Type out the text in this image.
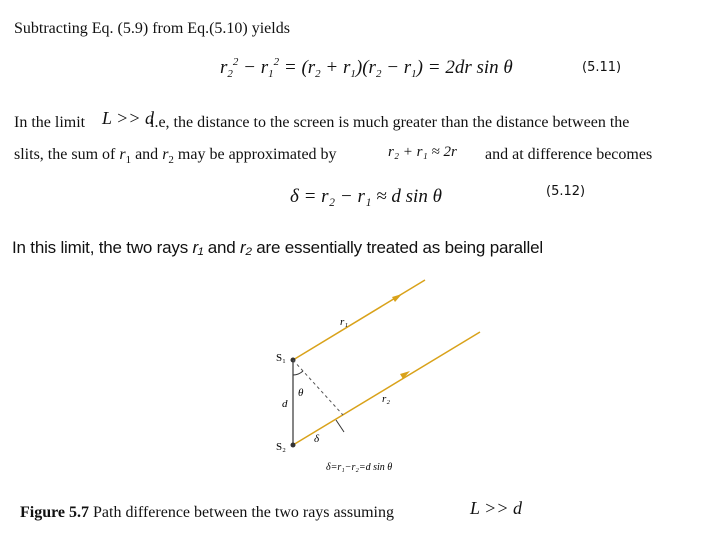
Subtracting Eq. (5.9) from Eq.(5.10) yields
$r_2^2 - r_1^2 = (r_2 + r_1)(r_2 - r_1) = 2dr$ sin θ	(5.11)
In the limit L >> d
i.e, the distance to the screen is much greater than the distance between the
slits, the sum of $r_1$ and $r_2$ may be approximated by	r₂ + r₁ ≈ 2r and at difference becomes
δ = r₂ − r₁ ≈ d sin θ	(5.12)
In this limit, the two rays r₁ and r₂ are essentially treated as being parallel
r₁
r₂
S₁
S₂
d
θ
δ
δ=r₁−r₂=d sin θ
Figure 5.7 Path difference between the two rays assuming	L >> d
